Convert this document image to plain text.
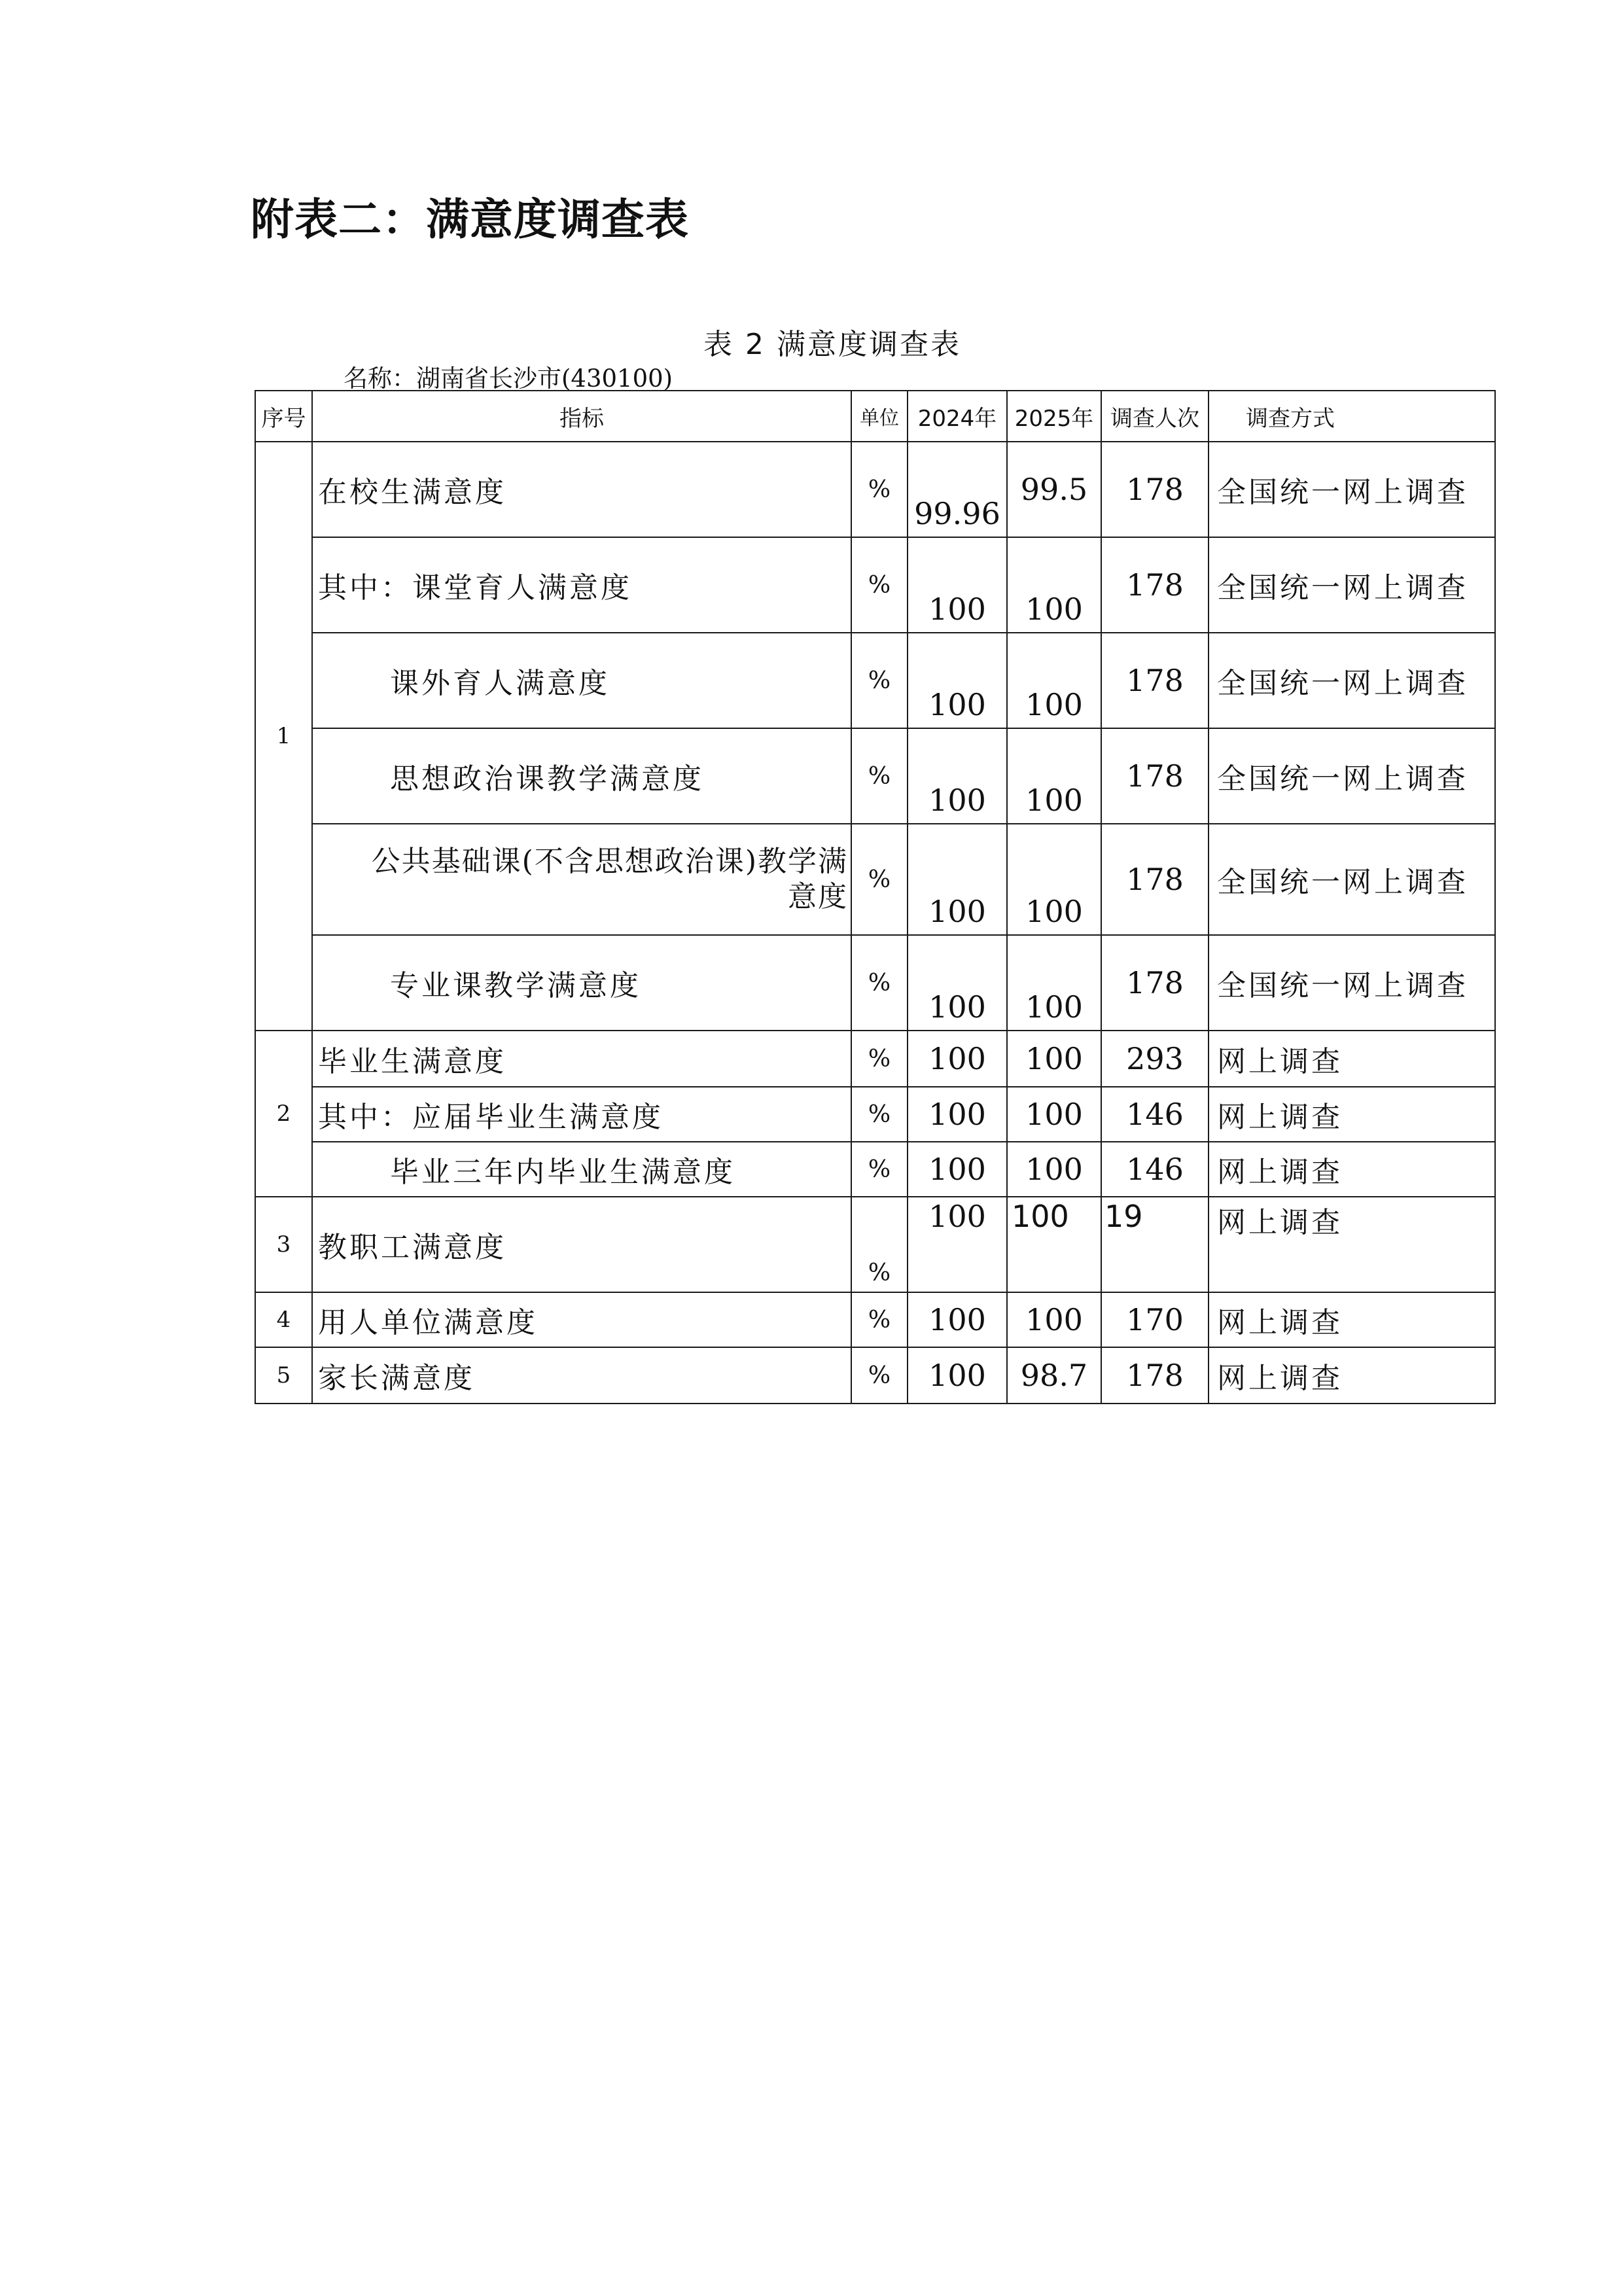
附表二：满意度调查表
表 2 满意度调查表
名称：湖南省长沙市(430100)
序号	指标	单位	2024年	2025年	调查人次	调查方式
1	在校生满意度	%	99.96	99.5	178	全国统一网上调查
	其中：课堂育人满意度	%	100	100	178	全国统一网上调查
	课外育人满意度	%	100	100	178	全国统一网上调查
	思想政治课教学满意度	%	100	100	178	全国统一网上调查
	公共基础课(不含思想政治课)教学满意度	%	100	100	178	全国统一网上调查
	专业课教学满意度	%	100	100	178	全国统一网上调查
2	毕业生满意度	%	100	100	293	网上调查
	其中：应届毕业生满意度	%	100	100	146	网上调查
	毕业三年内毕业生满意度	%	100	100	146	网上调查
3	教职工满意度	%	100	100	19	网上调查
4	用人单位满意度	%	100	100	170	网上调查
5	家长满意度	%	100	98.7	178	网上调查
